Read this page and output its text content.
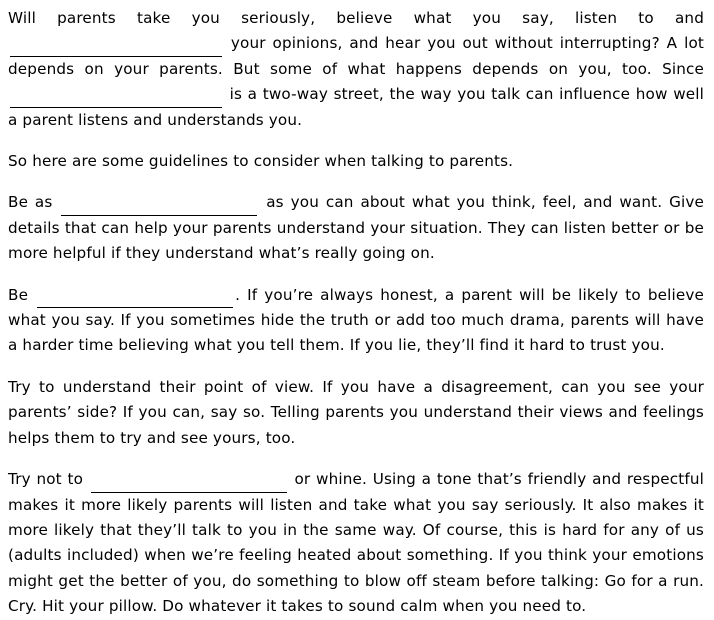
Will parents take you seriously, believe what you say, listen to and  your opinions, and hear you out without interrupting? A lot depends on your parents. But some of what happens depends on you, too. Since  is a two-way street, the way you talk can influence how well a parent listens and understands you.

So here are some guidelines to consider when talking to parents.

Be as	as you can about what you think, feel, and want. Give details that can help your parents understand your situation. They can listen better or be more helpful if they understand what’s really going on.

Be	. If you’re always honest, a parent will be likely to believe what you say. If you sometimes hide the truth or add too much drama, parents will have a harder time believing what you tell them. If you lie, they’ll find it hard to trust you.

Try to understand their point of view. If you have a disagreement, can you see your parents’ side? If you can, say so. Telling parents you understand their views and feelings helps them to try and see yours, too.

Try not to	or whine. Using a tone that’s friendly and respectful makes it more likely parents will listen and take what you say seriously. It also makes it more likely that they’ll talk to you in the same way. Of course, this is hard for any of us (adults included) when we’re feeling heated about something. If you think your emotions might get the better of you, do something to blow off steam before talking: Go for a run. Cry. Hit your pillow. Do whatever it takes to sound calm when you need to.
